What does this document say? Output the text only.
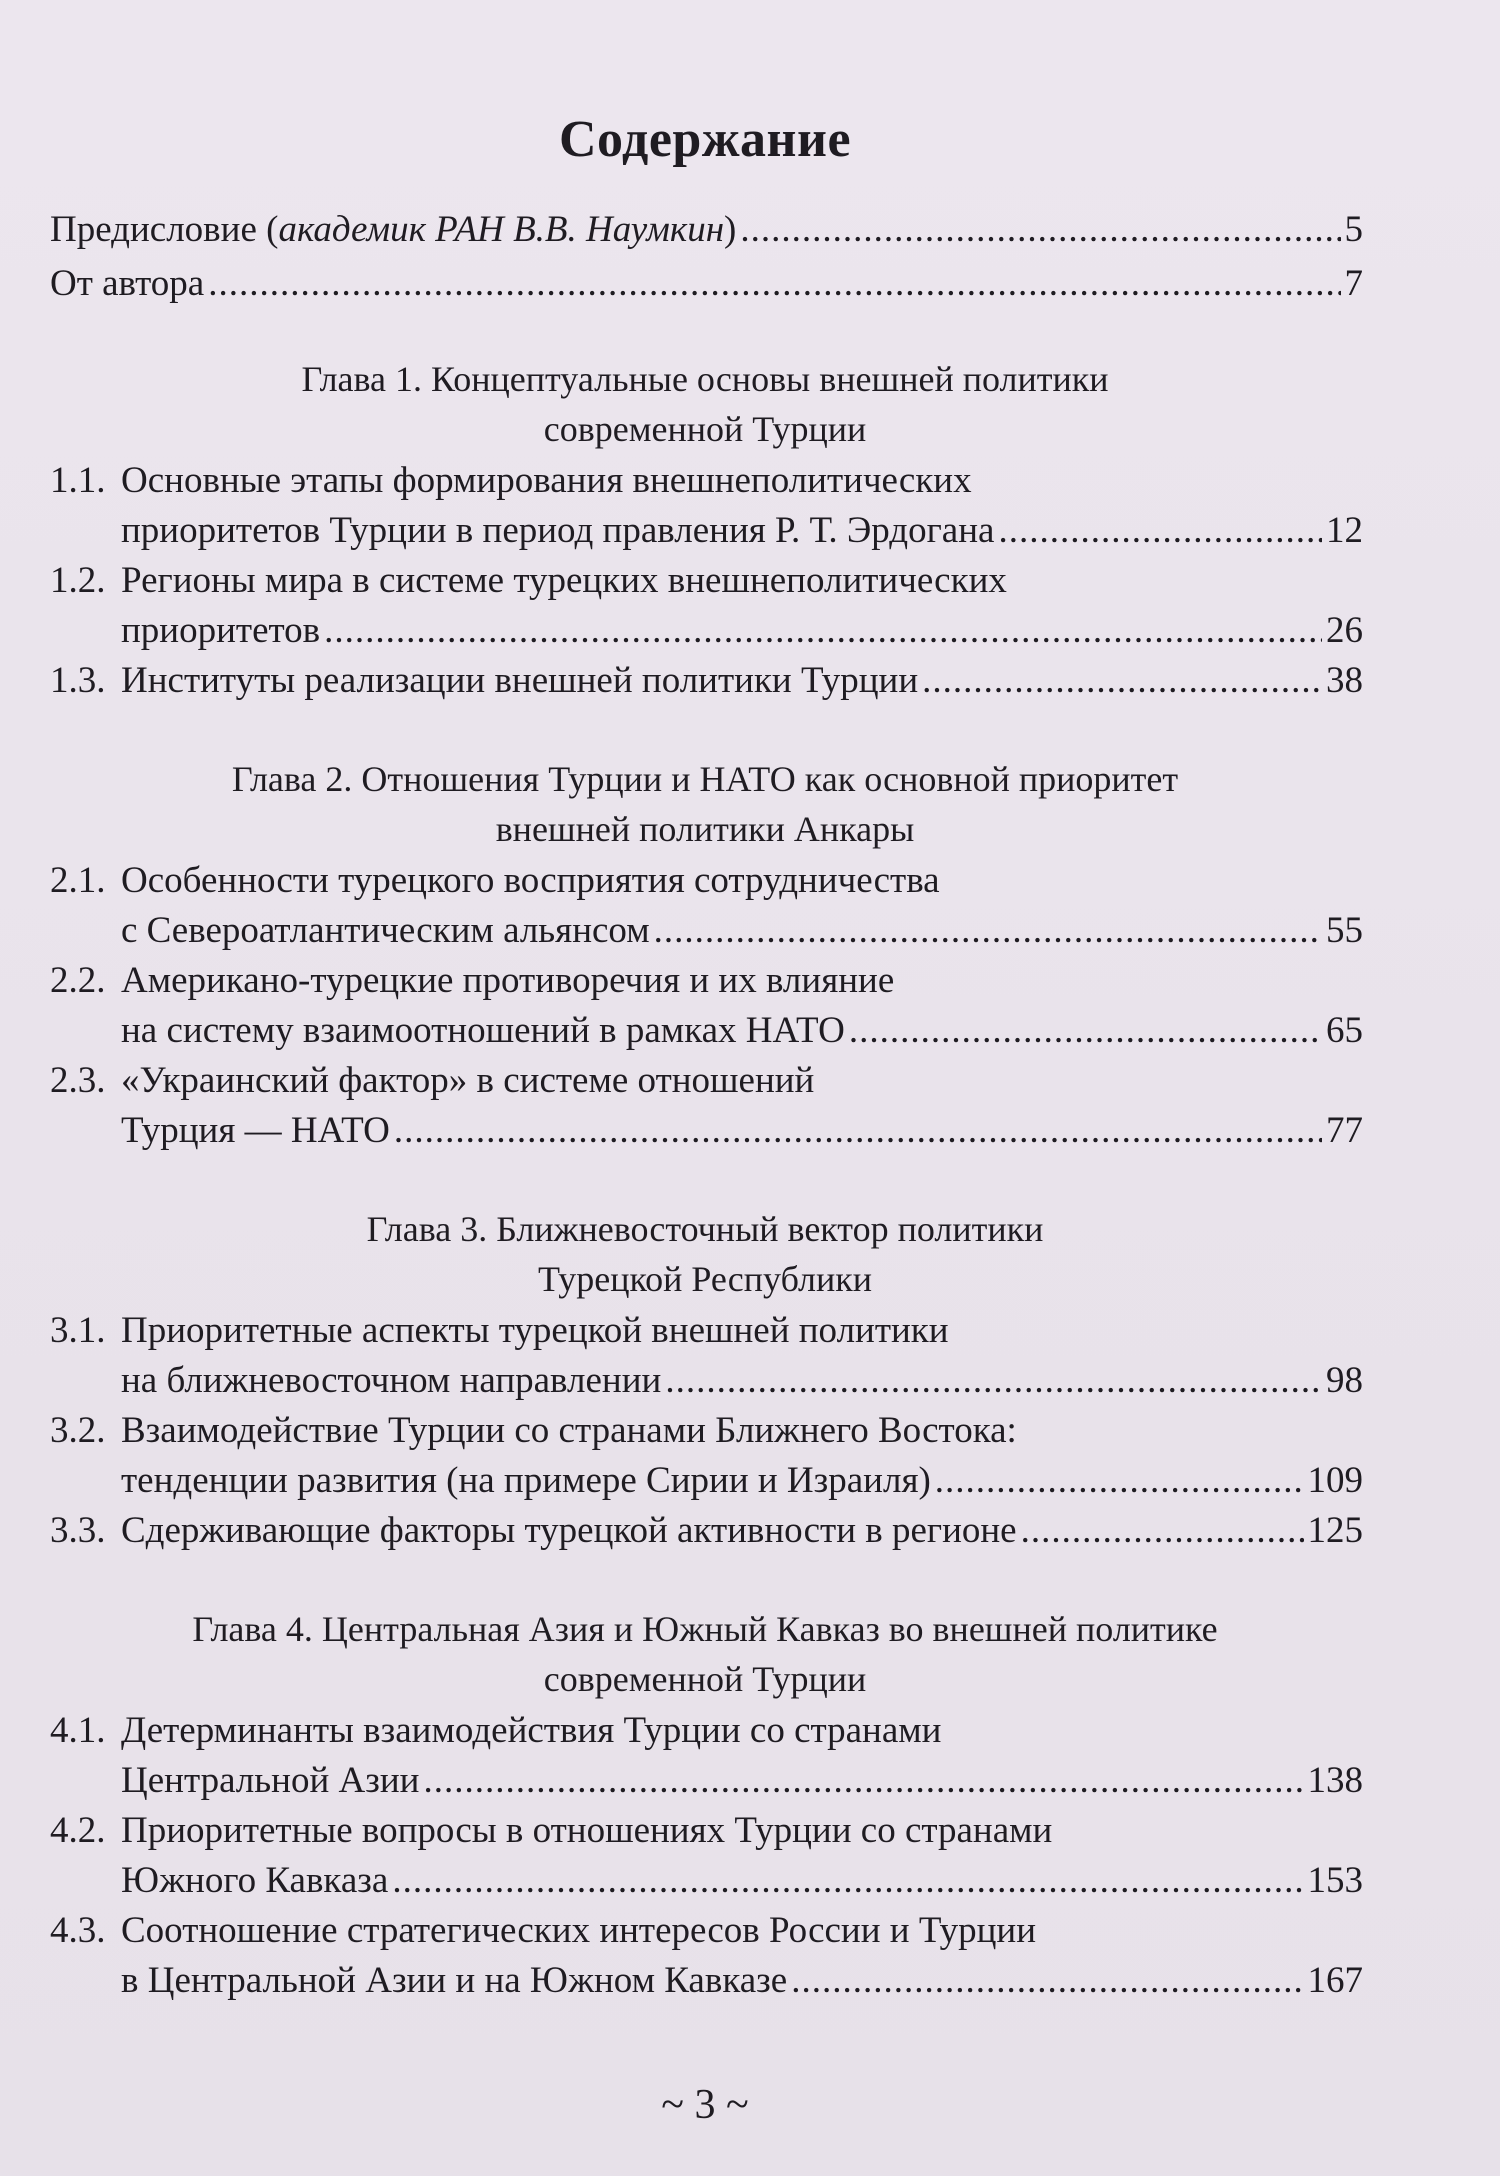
Содержание
Предисловие (академик РАН В.В. Наумкин) .....	5
От автора .....	7
Глава 1. Концептуальные основы внешней политики
современной Турции
1.1. Основные этапы формирования внешнеполитических
приоритетов Турции в период правления Р. Т. Эрдогана .....	12
1.2. Регионы мира в системе турецких внешнеполитических
приоритетов .....	26
1.3. Институты реализации внешней политики Турции .....	38
Глава 2. Отношения Турции и НАТО как основной приоритет
внешней политики Анкары
2.1. Особенности турецкого восприятия сотрудничества
с Североатлантическим альянсом .....	55
2.2. Американо-турецкие противоречия и их влияние
на систему взаимоотношений в рамках НАТО .....	65
2.3. «Украинский фактор» в системе отношений
Турция — НАТО .....	77
Глава 3. Ближневосточный вектор политики
Турецкой Республики
3.1. Приоритетные аспекты турецкой внешней политики
на ближневосточном направлении .....	98
3.2. Взаимодействие Турции со странами Ближнего Востока:
тенденции развития (на примере Сирии и Израиля) .....	109
3.3. Сдерживающие факторы турецкой активности в регионе .....	125
Глава 4. Центральная Азия и Южный Кавказ во внешней политике
современной Турции
4.1. Детерминанты взаимодействия Турции со странами
Центральной Азии .....	138
4.2. Приоритетные вопросы в отношениях Турции со странами
Южного Кавказа .....	153
4.3. Соотношение стратегических интересов России и Турции
в Центральной Азии и на Южном Кавказе .....	167
~ 3 ~
